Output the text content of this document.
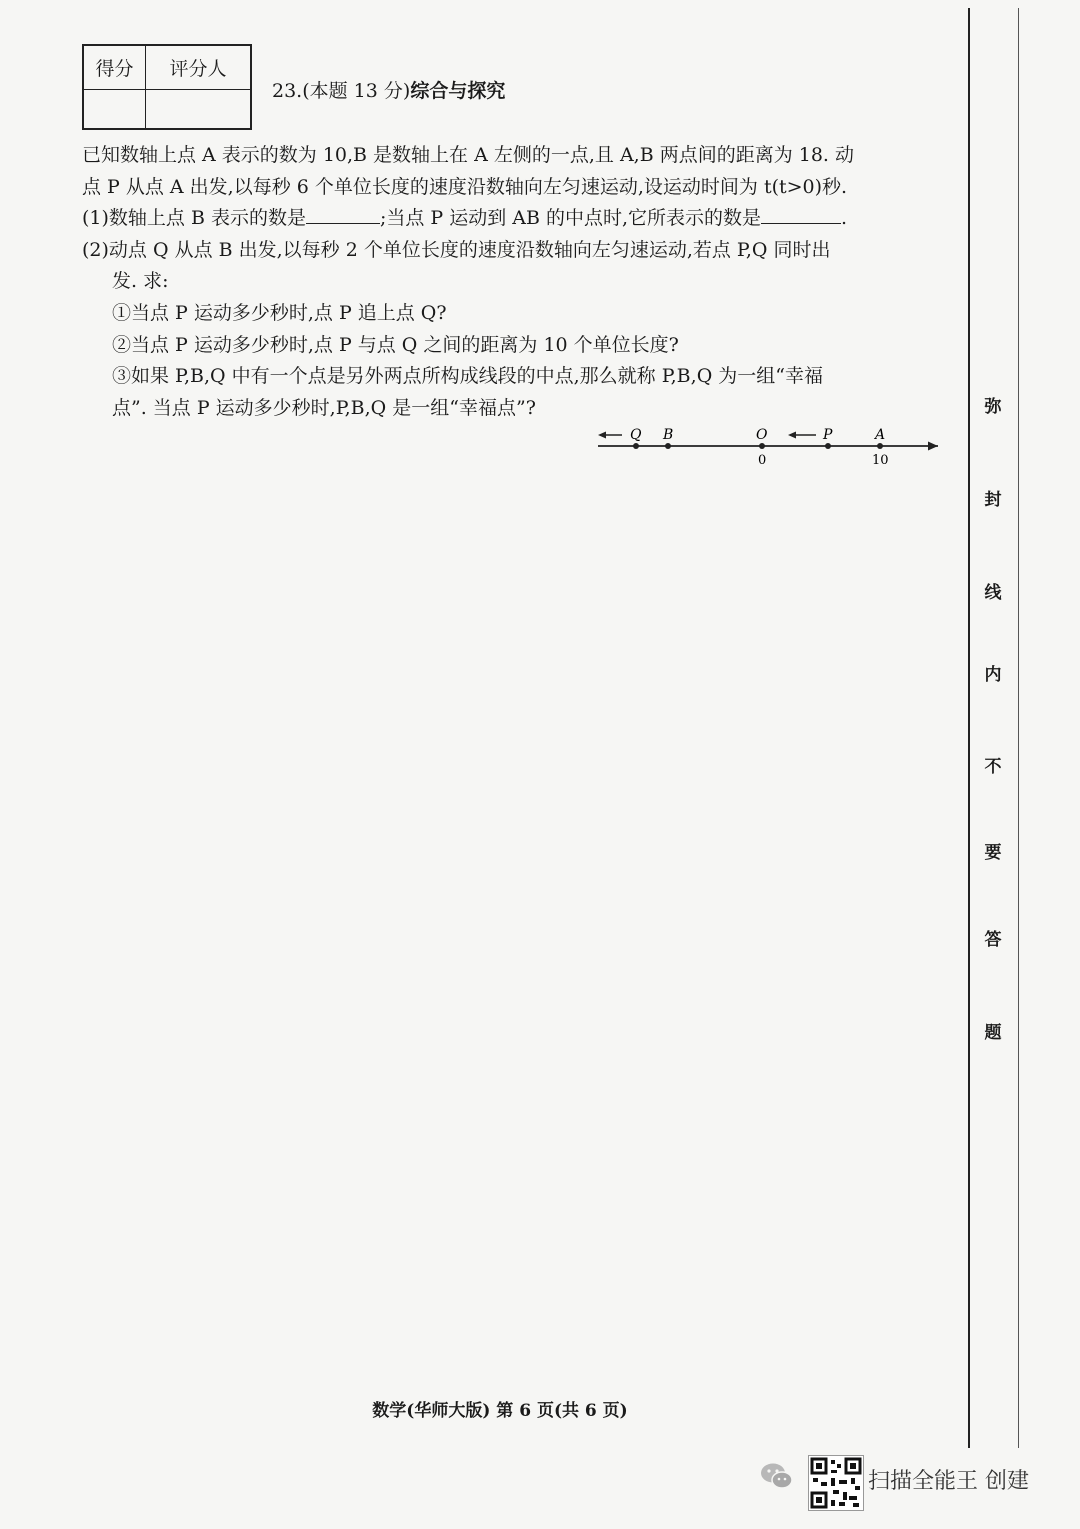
得分	评分人
23.(本题 13 分)综合与探究
已知数轴上点 A 表示的数为 10,B 是数轴上在 A 左侧的一点,且 A,B 两点间的距离为 18. 动
点 P 从点 A 出发,以每秒 6 个单位长度的速度沿数轴向左匀速运动,设运动时间为 t(t>0)秒.
(1)数轴上点 B 表示的数是	;当点 P 运动到 AB 的中点时,它所表示的数是	.
(2)动点 Q 从点 B 出发,以每秒 2 个单位长度的速度沿数轴向左匀速运动,若点 P,Q 同时出
发. 求:
①当点 P 运动多少秒时,点 P 追上点 Q?
②当点 P 运动多少秒时,点 P 与点 Q 之间的距离为 10 个单位长度?
③如果 P,B,Q 中有一个点是另外两点所构成线段的中点,那么就称 P,B,Q 为一组“幸福
点”. 当点 P 运动多少秒时,P,B,Q 是一组“幸福点”?
Q B	O	P	A
0	10
弥
封
线
内
不
要
答
题
数学(华师大版) 第 6 页(共 6 页)
扫描全能王 创建
